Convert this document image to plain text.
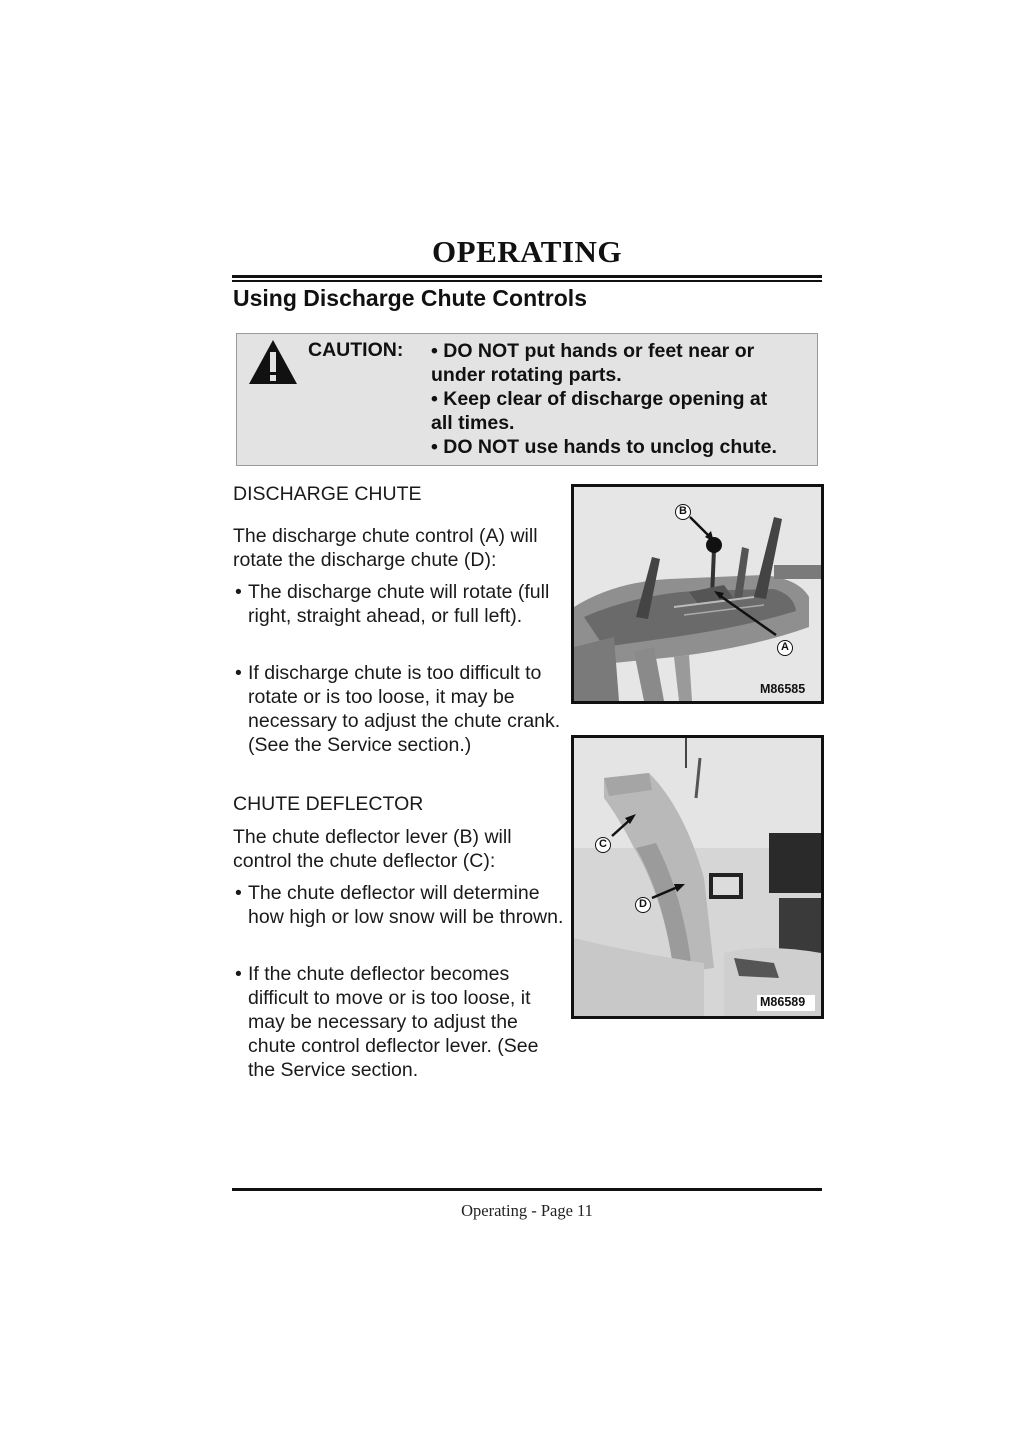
OPERATING
Using Discharge Chute Controls
CAUTION: • DO NOT put hands or feet near or
under rotating parts.
• Keep clear of discharge opening at
all times.
• DO NOT use hands to unclog chute.
DISCHARGE CHUTE
The discharge chute control (A) will rotate the discharge chute (D):
• The discharge chute will rotate (full right, straight ahead, or full left).
• If discharge chute is too difficult to rotate or is too loose, it may be necessary to adjust the chute crank. (See the Service section.)
CHUTE DEFLECTOR
The chute deflector lever (B) will control the chute deflector (C):
• The chute deflector will determine how high or low snow will be thrown.
• If the chute deflector becomes difficult to move or is too loose, it may be necessary to adjust the chute control deflector lever. (See the Service section.
B
A
M86585
C
D
M86589
Operating - Page 11
